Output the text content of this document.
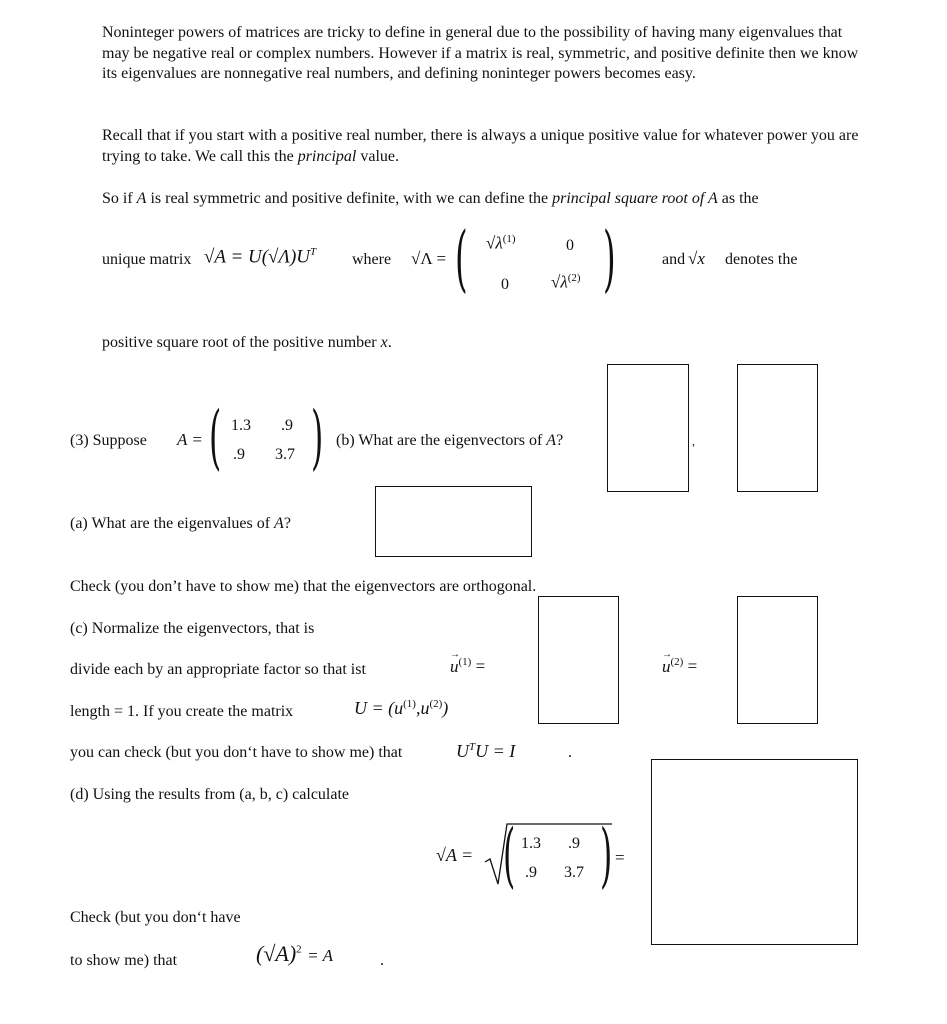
Noninteger powers of matrices are tricky to define in general due to the possibility of having many eigenvalues that may be negative real or complex numbers. However if a matrix is real, symmetric, and positive definite then we know its eigenvalues are nonnegative real numbers, and defining noninteger powers becomes easy.
Recall that if you start with a positive real number, there is always a unique positive value for whatever power you are trying to take. We call this the principal value.
So if A is real symmetric and positive definite, with we can define the principal square root of A as the
unique matrix $√A = U(√\Lambda)U^T$ where √Λ = ( $√\lambda^{(1)}$	0
0 $√\lambda^{(2)}$ )	and √x denotes the
positive square root of the positive number x.
(3) Suppose A = ( 1.3 .9
.9 3.7 ) (b) What are the eigenvectors of A?	,
(a) What are the eigenvalues of A?
Check (you don’t have to show me) that the eigenvectors are orthogonal.
(c) Normalize the eigenvectors, that is
divide each by an appropriate factor so that ist	→ $u^{(1)}$ =	→ $u^{(2)}$ =
length = 1. If you create the matrix	$U = (u^{(1)},u^{(2)})$
you can check (but you don‘t have to show me) that	$U^TU = I$	.
(d) Using the results from (a, b, c) calculate
√A = ( 1.3 .9
.9 3.7 ) =
Check (but you don‘t have
to show me) that	$(√A)^2 = A$	.
